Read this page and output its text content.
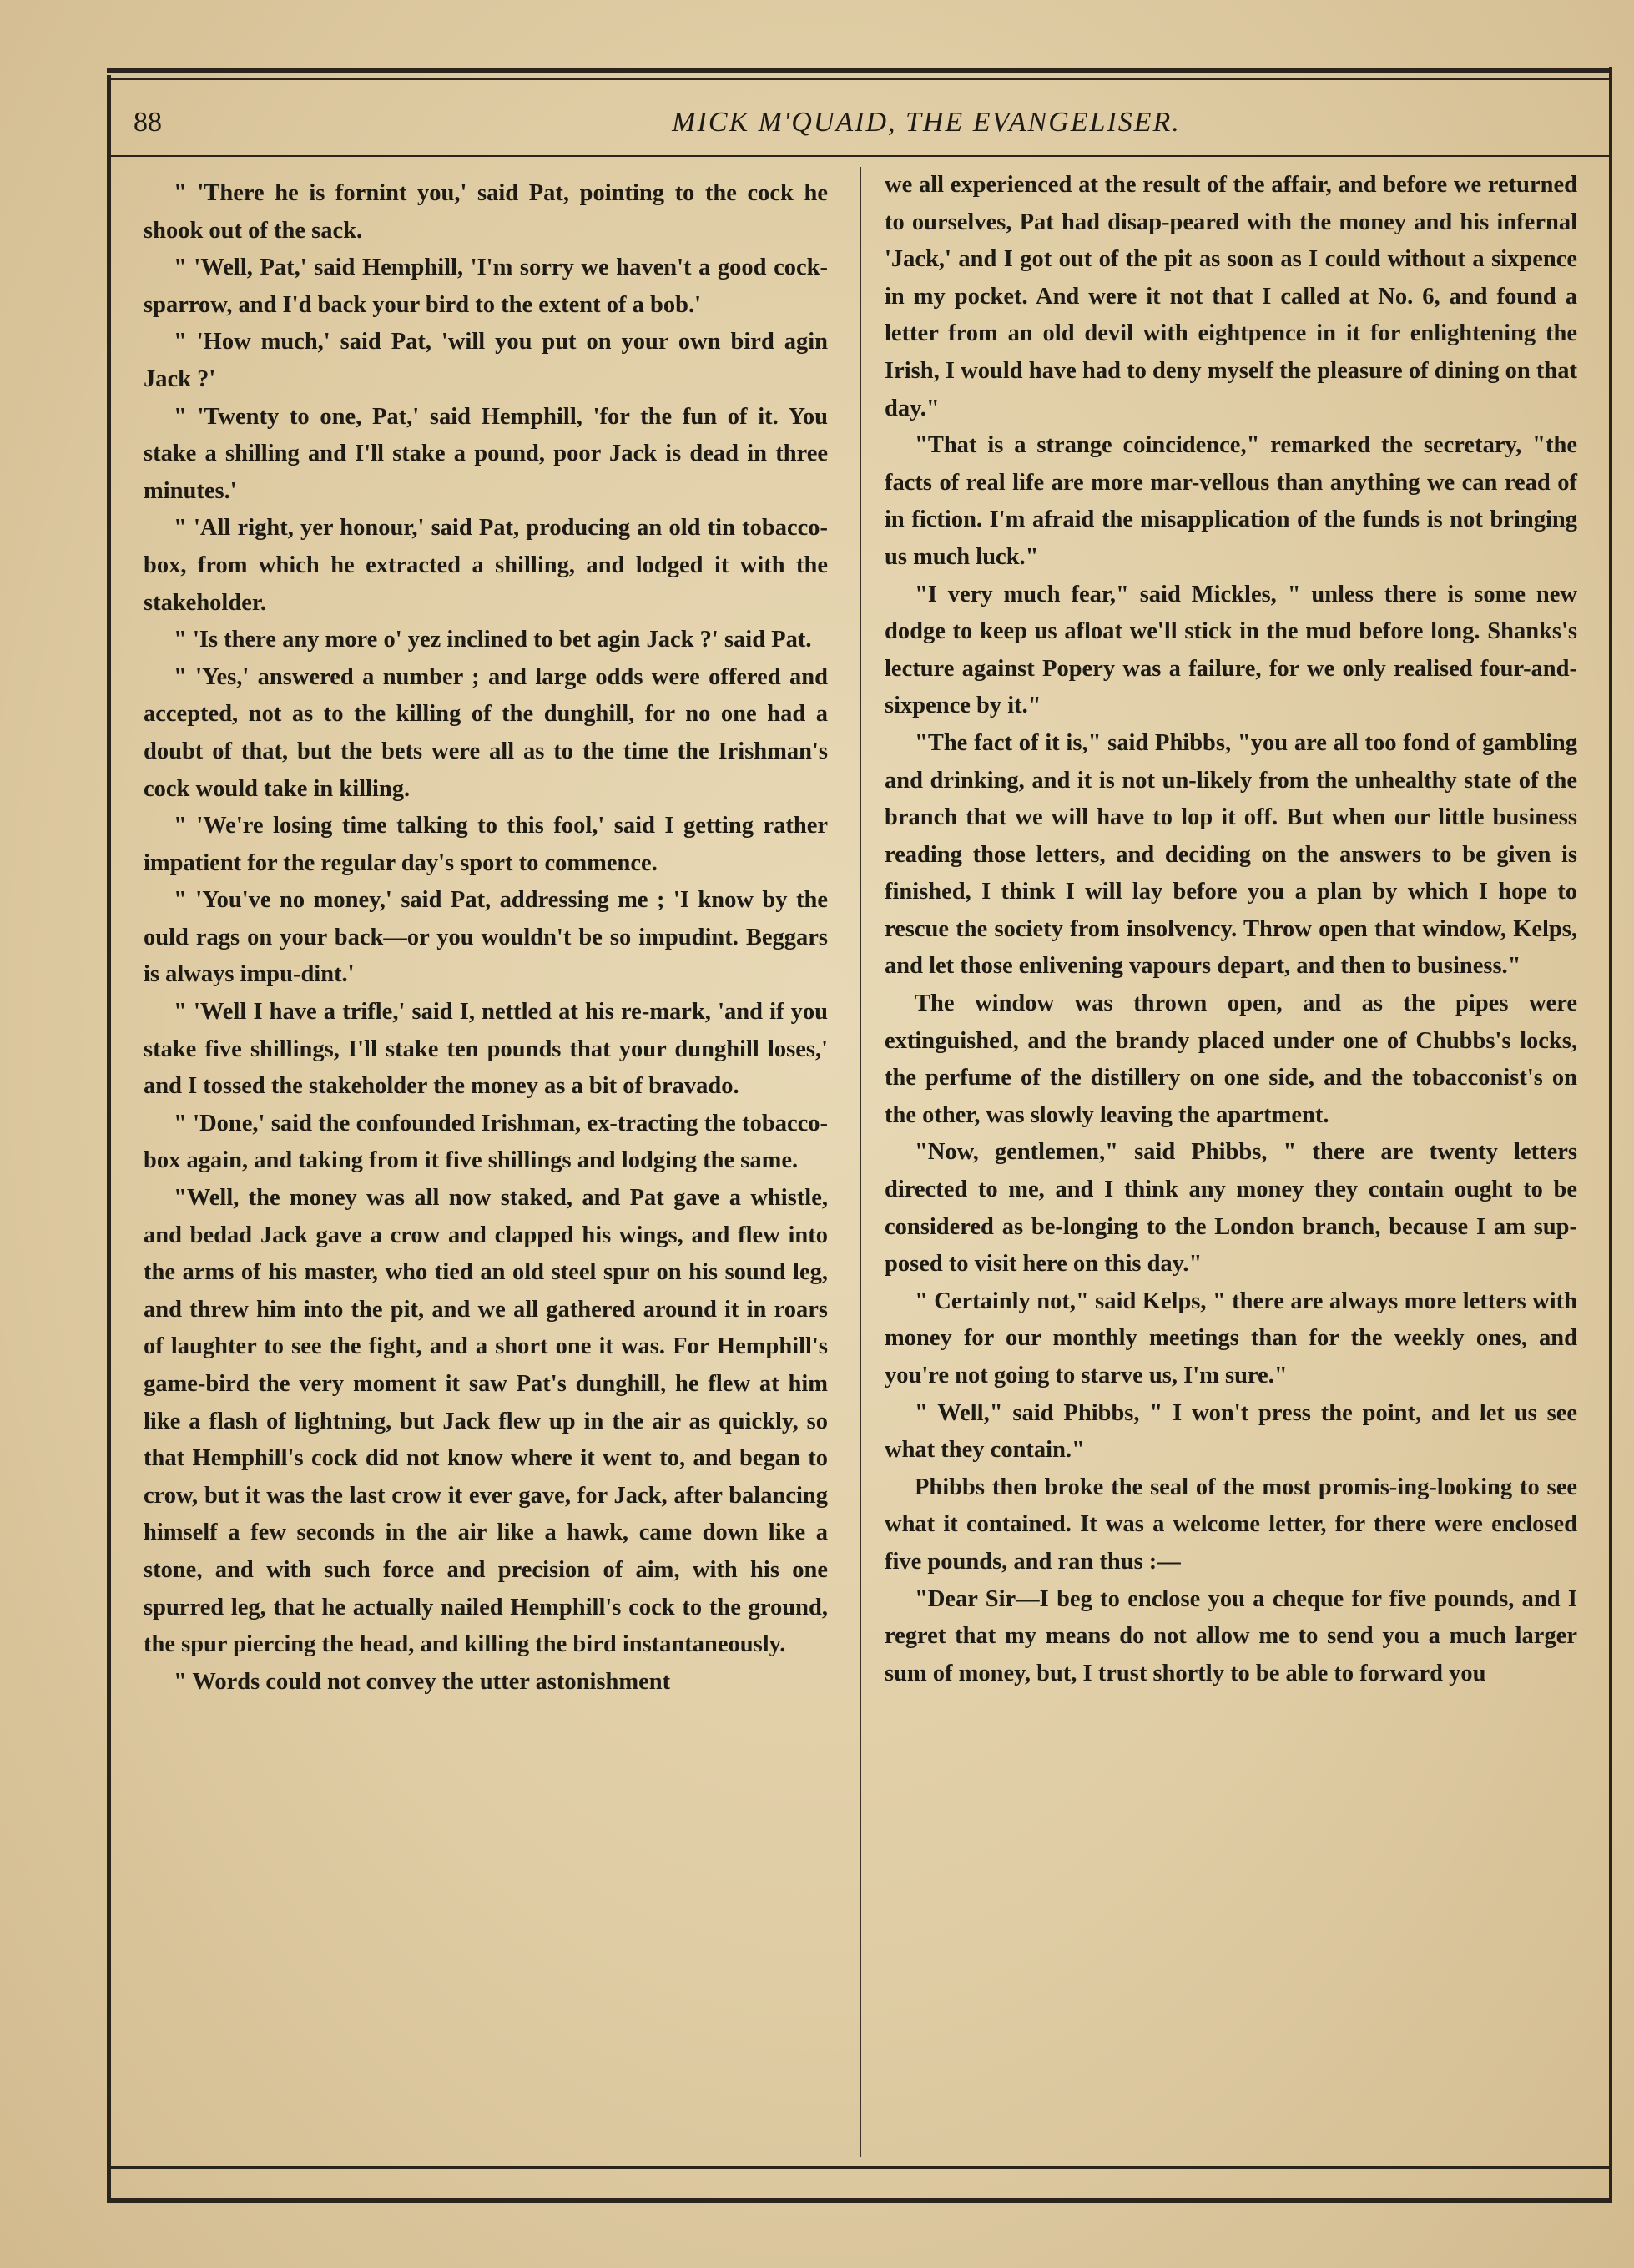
88	MICK M'QUAID, THE EVANGELISER.

" 'There he is fornint you,' said Pat, pointing to the cock he shook out of the sack.

" 'Well, Pat,' said Hemphill, 'I'm sorry we haven't a good cock-sparrow, and I'd back your bird to the extent of a bob.'

" 'How much,' said Pat, 'will you put on your own bird agin Jack ?'

" 'Twenty to one, Pat,' said Hemphill, 'for the fun of it. You stake a shilling and I'll stake a pound, poor Jack is dead in three minutes.'

" 'All right, yer honour,' said Pat, producing an old tin tobacco-box, from which he extracted a shilling, and lodged it with the stakeholder.

" 'Is there any more o' yez inclined to bet agin Jack ?' said Pat.

" 'Yes,' answered a number ; and large odds were offered and accepted, not as to the killing of the dunghill, for no one had a doubt of that, but the bets were all as to the time the Irishman's cock would take in killing.

" 'We're losing time talking to this fool,' said I getting rather impatient for the regular day's sport to commence.

" 'You've no money,' said Pat, addressing me ; 'I know by the ould rags on your back—or you wouldn't be so impudint. Beggars is always impu-dint.'

" 'Well I have a trifle,' said I, nettled at his re-mark, 'and if you stake five shillings, I'll stake ten pounds that your dunghill loses,' and I tossed the stakeholder the money as a bit of bravado.

" 'Done,' said the confounded Irishman, ex-tracting the tobacco-box again, and taking from it five shillings and lodging the same.

"Well, the money was all now staked, and Pat gave a whistle, and bedad Jack gave a crow and clapped his wings, and flew into the arms of his master, who tied an old steel spur on his sound leg, and threw him into the pit, and we all gathered around it in roars of laughter to see the fight, and a short one it was. For Hemphill's game-bird the very moment it saw Pat's dunghill, he flew at him like a flash of lightning, but Jack flew up in the air as quickly, so that Hemphill's cock did not know where it went to, and began to crow, but it was the last crow it ever gave, for Jack, after balancing himself a few seconds in the air like a hawk, came down like a stone, and with such force and precision of aim, with his one spurred leg, that he actually nailed Hemphill's cock to the ground, the spur piercing the head, and killing the bird instantaneously.

" Words could not convey the utter astonishment

we all experienced at the result of the affair, and before we returned to ourselves, Pat had disap-peared with the money and his infernal 'Jack,' and I got out of the pit as soon as I could without a sixpence in my pocket. And were it not that I called at No. 6, and found a letter from an old devil with eightpence in it for enlightening the Irish, I would have had to deny myself the pleasure of dining on that day."

"That is a strange coincidence," remarked the secretary, "the facts of real life are more mar-vellous than anything we can read of in fiction. I'm afraid the misapplication of the funds is not bringing us much luck."

"I very much fear," said Mickles, " unless there is some new dodge to keep us afloat we'll stick in the mud before long. Shanks's lecture against Popery was a failure, for we only realised four-and-sixpence by it."

"The fact of it is," said Phibbs, "you are all too fond of gambling and drinking, and it is not un-likely from the unhealthy state of the branch that we will have to lop it off. But when our little business reading those letters, and deciding on the answers to be given is finished, I think I will lay before you a plan by which I hope to rescue the society from insolvency. Throw open that window, Kelps, and let those enlivening vapours depart, and then to business."

The window was thrown open, and as the pipes were extinguished, and the brandy placed under one of Chubbs's locks, the perfume of the distillery on one side, and the tobacconist's on the other, was slowly leaving the apartment.

"Now, gentlemen," said Phibbs, " there are twenty letters directed to me, and I think any money they contain ought to be considered as be-longing to the London branch, because I am sup-posed to visit here on this day."

" Certainly not," said Kelps, " there are always more letters with money for our monthly meetings than for the weekly ones, and you're not going to starve us, I'm sure."

" Well," said Phibbs, " I won't press the point, and let us see what they contain."

Phibbs then broke the seal of the most promis-ing-looking to see what it contained. It was a welcome letter, for there were enclosed five pounds, and ran thus :—

"Dear Sir—I beg to enclose you a cheque for five pounds, and I regret that my means do not allow me to send you a much larger sum of money, but, I trust shortly to be able to forward you
